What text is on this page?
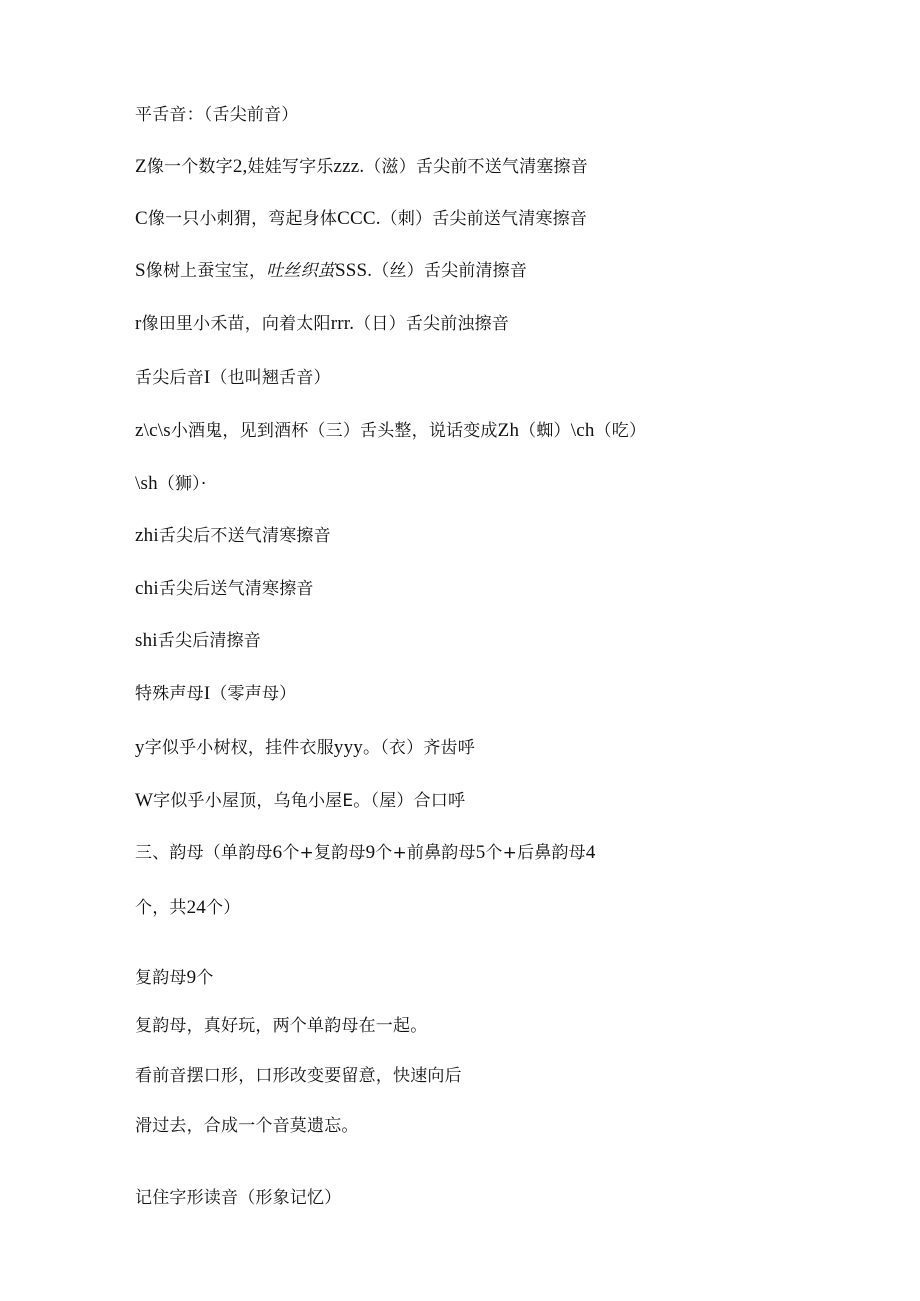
平舌音：（舌尖前音）
Z像一个数字2,娃娃写字乐zzz.（滋）舌尖前不送气清塞擦音
C像一只小刺猬，弯起身体CCC.（刺）舌尖前送气清寒擦音
S像树上蚕宝宝，吐丝织茧SSS.（丝）舌尖前清擦音
r像田里小禾苗，向着太阳rrr.（日）舌尖前浊擦音
舌尖后音I（也叫翘舌音）
z\c\s小酒鬼，见到酒杯（三）舌头整，说话变成Zh（蜘）\ch（吃）
\sh（狮）·
zhi舌尖后不送气清寒擦音
chi舌尖后送气清寒擦音
shi舌尖后清擦音
特殊声母I（零声母）
y字似乎小树杈，挂件衣服yyy。（衣）齐齿呼
W字似乎小屋顶，乌龟小屋E。（屋）合口呼
三、韵母（单韵母6个+复韵母9个+前鼻韵母5个+后鼻韵母4
个，共24个）
复韵母9个
复韵母，真好玩，两个单韵母在一起。
看前音摆口形，口形改变要留意，快速向后
滑过去，合成一个音莫遗忘。
记住字形读音（形象记忆）
